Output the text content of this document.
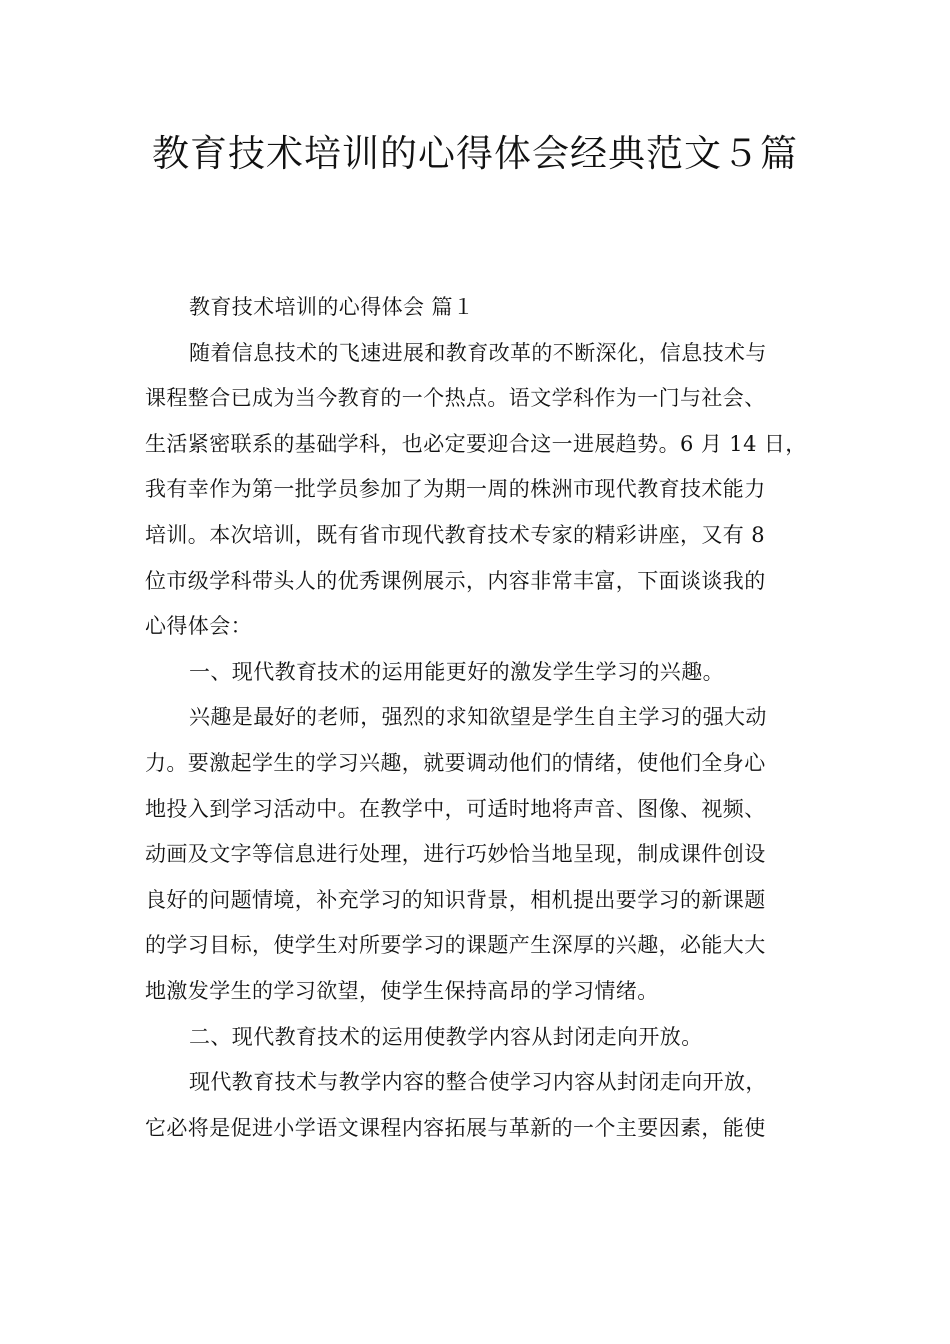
教育技术培训的心得体会经典范文５篇

教育技术培训的心得体会 篇１

随着信息技术的飞速进展和教育改革的不断深化，信息技术与

课程整合已成为当今教育的一个热点。语文学科作为一门与社会、

生活紧密联系的基础学科，也必定要迎合这一进展趋势。6 月 14 日，

我有幸作为第一批学员参加了为期一周的株洲市现代教育技术能力

培训。本次培训，既有省市现代教育技术专家的精彩讲座，又有 8

位市级学科带头人的优秀课例展示，内容非常丰富，下面谈谈我的

心得体会：

一、现代教育技术的运用能更好的激发学生学习的兴趣。

兴趣是最好的老师，强烈的求知欲望是学生自主学习的强大动

力。要激起学生的学习兴趣，就要调动他们的情绪，使他们全身心

地投入到学习活动中。在教学中，可适时地将声音、图像、视频、

动画及文字等信息进行处理，进行巧妙恰当地呈现，制成课件创设

良好的问题情境，补充学习的知识背景，相机提出要学习的新课题

的学习目标，使学生对所要学习的课题产生深厚的兴趣，必能大大

地激发学生的学习欲望，使学生保持高昂的学习情绪。

二、现代教育技术的运用使教学内容从封闭走向开放。

现代教育技术与教学内容的整合使学习内容从封闭走向开放，

它必将是促进小学语文课程内容拓展与革新的一个主要因素，能使
